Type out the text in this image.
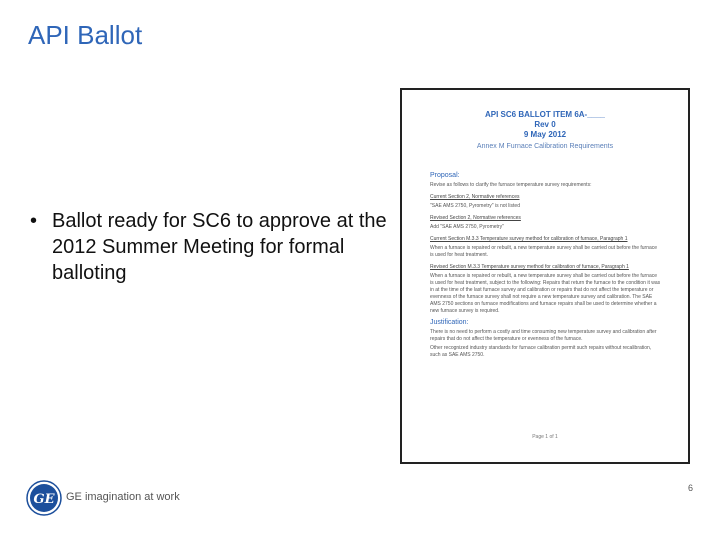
API Ballot
• Ballot ready for SC6 to approve at the 2012 Summer Meeting for formal balloting
API SC6 BALLOT ITEM 6A-____
Rev 0
9 May 2012
Annex M Furnace Calibration Requirements
Proposal:
Revise as follows to clarify the furnace temperature survey requirements:
Current Section 2, Normative references
"SAE AMS 2750, Pyrometry" is not listed
Revised Section 2, Normative references
Add "SAE AMS 2750, Pyrometry"
Current Section M.3.3 Temperature survey method for calibration of furnace, Paragraph 1
When a furnace is repaired or rebuilt, a new temperature survey shall be carried out before the furnace is used for heat treatment.
Revised Section M.3.3 Temperature survey method for calibration of furnace, Paragraph 1
When a furnace is repaired or rebuilt, a new temperature survey shall be carried out before the furnace is used for heat treatment, subject to the following: Repairs that return the furnace to the condition it was in at the time of the last furnace survey and calibration or repairs that do not affect the temperature or evenness of the furnace survey shall not require a new temperature survey and calibration. The SAE AMS 2750 sections on furnace modifications and furnace repairs shall be used to determine whether a new furnace survey is required.
Justification:
There is no need to perform a costly and time consuming new temperature survey and calibration after repairs that do not affect the temperature or evenness of the furnace.
Other recognized industry standards for furnace calibration permit such repairs without recalibration, such as SAE AMS 2750.
Page 1 of 1
GE GE imagination at work
6
